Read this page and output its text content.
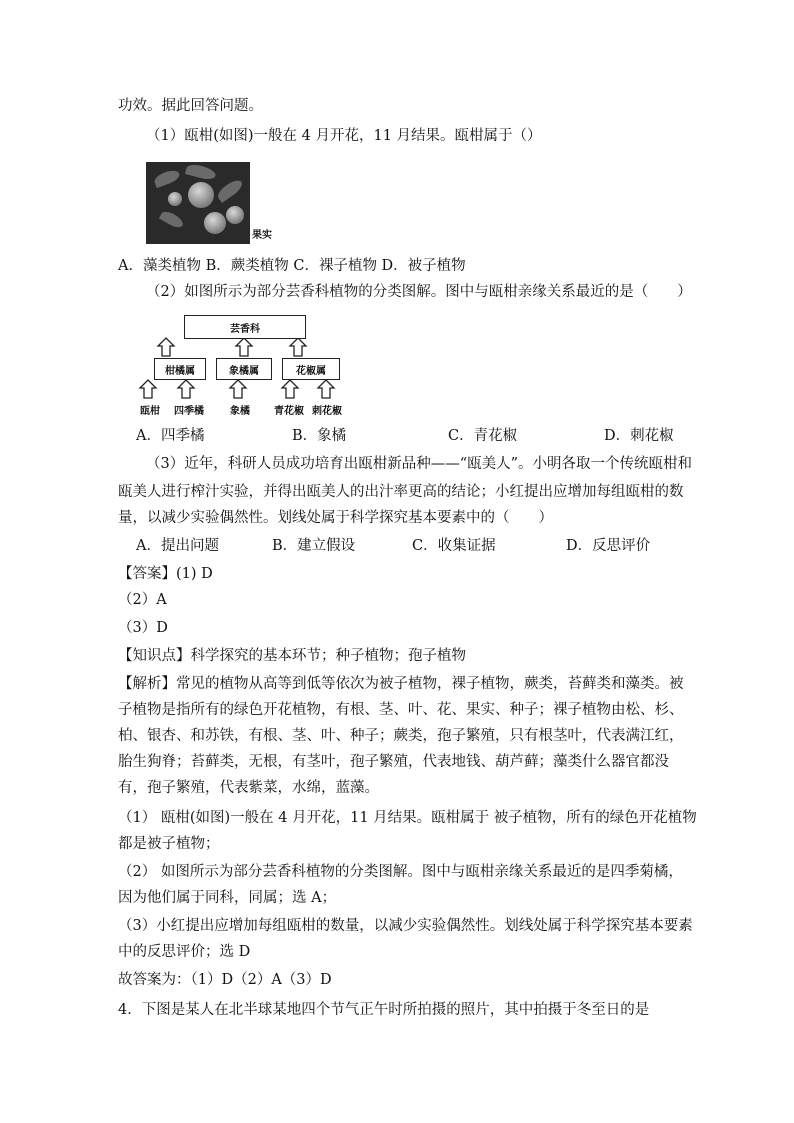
功效。据此回答问题。
（1）瓯柑(如图)一般在 4 月开花，11 月结果。瓯柑属于（）
果实
A．藻类植物 B．蕨类植物 C．裸子植物 D．被子植物
（2）如图所示为部分芸香科植物的分类图解。图中与瓯柑亲缘关系最近的是（　　）
芸香科
柑橘属	象橘属	花椒属
瓯柑 四季橘	象橘 青花椒 刺花椒
A．四季橘	B．象橘	C．青花椒	D．刺花椒
（3）近年，科研人员成功培育出瓯柑新品种——“瓯美人”。小明各取一个传统瓯柑和
瓯美人进行榨汁实验，并得出瓯美人的出汁率更高的结论；小红提出应增加每组瓯柑的数
量，以减少实验偶然性。划线处属于科学探究基本要素中的（　　）
A．提出问题	B．建立假设	C．收集证据	D．反思评价
【答案】(1) D
（2）A
（3）D
【知识点】科学探究的基本环节；种子植物；孢子植物
【解析】常见的植物从高等到低等依次为被子植物，裸子植物，蕨类，苔藓类和藻类。被
子植物是指所有的绿色开花植物，有根、茎、叶、花、果实、种子；裸子植物由松、杉、
柏、银杏、和苏铁，有根、茎、叶、种子；蕨类，孢子繁殖，只有根茎叶，代表满江红，
胎生狗脊；苔藓类，无根，有茎叶，孢子繁殖，代表地钱、葫芦藓；藻类什么器官都没
有，孢子繁殖，代表紫菜，水绵，蓝藻。
（1） 瓯柑(如图)一般在 4 月开花，11 月结果。瓯柑属于 被子植物，所有的绿色开花植物
都是被子植物；
（2） 如图所示为部分芸香科植物的分类图解。图中与瓯柑亲缘关系最近的是四季菊橘，
因为他们属于同科，同属；选 A；
（3）小红提出应增加每组瓯柑的数量，以减少实验偶然性。划线处属于科学探究基本要素
中的反思评价；选 D
故答案为：（1）D（2）A（3）D
4．下图是某人在北半球某地四个节气正午时所拍摄的照片，其中拍摄于冬至日的是
